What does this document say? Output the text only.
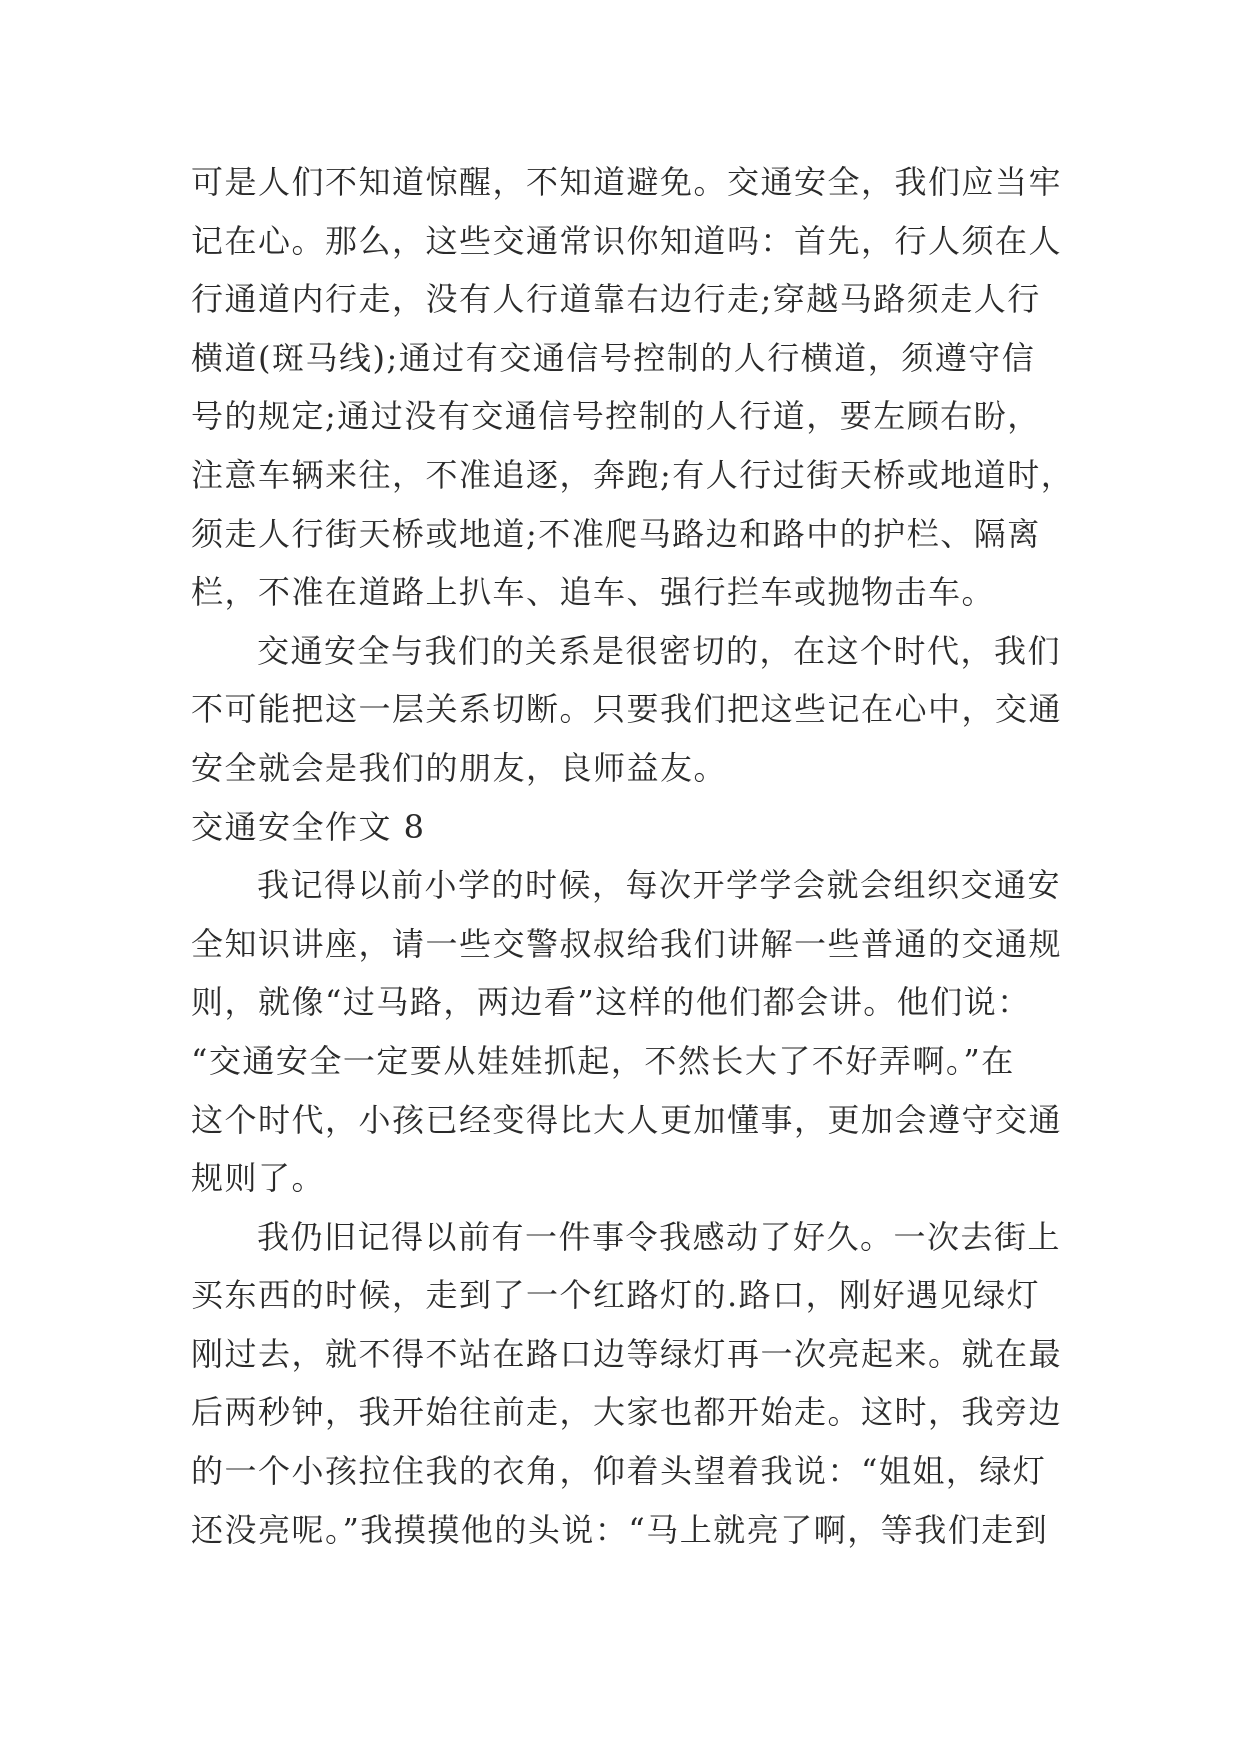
可是人们不知道惊醒，不知道避免。交通安全，我们应当牢
记在心。那么，这些交通常识你知道吗：首先，行人须在人
行通道内行走，没有人行道靠右边行走;穿越马路须走人行
横道(斑马线);通过有交通信号控制的人行横道，须遵守信
号的规定;通过没有交通信号控制的人行道，要左顾右盼，
注意车辆来往，不准追逐，奔跑;有人行过街天桥或地道时，
须走人行街天桥或地道;不准爬马路边和路中的护栏、隔离
栏，不准在道路上扒车、追车、强行拦车或抛物击车。
交通安全与我们的关系是很密切的，在这个时代，我们
不可能把这一层关系切断。只要我们把这些记在心中，交通
安全就会是我们的朋友，良师益友。
交通安全作文 8
我记得以前小学的时候，每次开学学会就会组织交通安
全知识讲座，请一些交警叔叔给我们讲解一些普通的交通规
则，就像“过马路，两边看”这样的他们都会讲。他们说：
“交通安全一定要从娃娃抓起，不然长大了不好弄啊。”在
这个时代，小孩已经变得比大人更加懂事，更加会遵守交通
规则了。
我仍旧记得以前有一件事令我感动了好久。一次去街上
买东西的时候，走到了一个红路灯的.路口，刚好遇见绿灯
刚过去，就不得不站在路口边等绿灯再一次亮起来。就在最
后两秒钟，我开始往前走，大家也都开始走。这时，我旁边
的一个小孩拉住我的衣角，仰着头望着我说：“姐姐，绿灯
还没亮呢。”我摸摸他的头说：“马上就亮了啊，等我们走到
